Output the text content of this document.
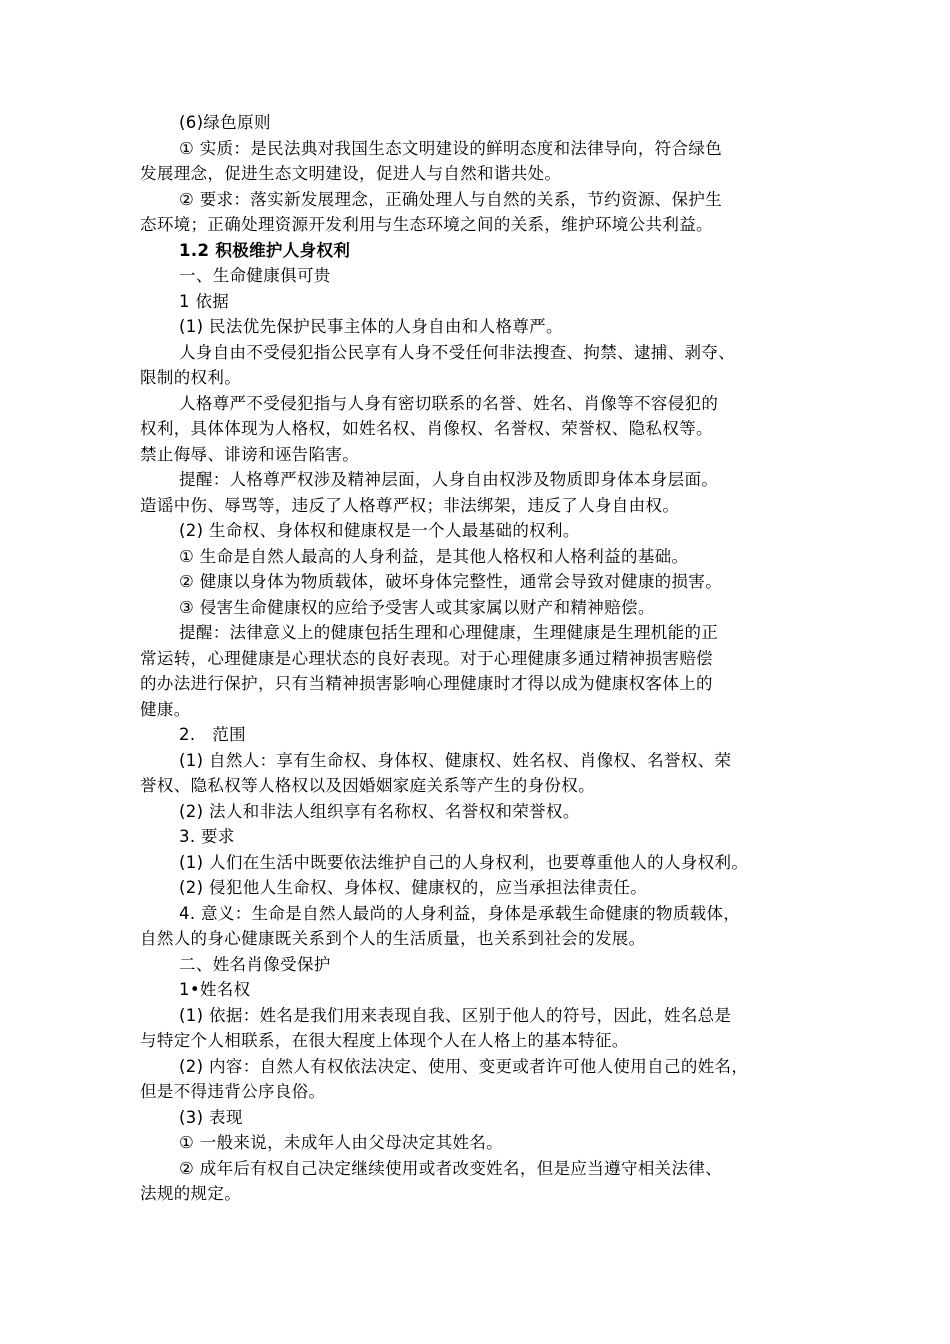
(6)绿色原则
① 实质：是民法典对我国生态文明建设的鲜明态度和法律导向，符合绿色
发展理念，促进生态文明建设，促进人与自然和谐共处。
② 要求：落实新发展理念，正确处理人与自然的关系，节约资源、保护生
态环境；正确处理资源开发利用与生态环境之间的关系，维护环境公共利益。
1.2 积极维护人身权利
一、生命健康俱可贵
1 依据
(1) 民法优先保护民事主体的人身自由和人格尊严。
人身自由不受侵犯指公民享有人身不受任何非法搜查、拘禁、逮捕、剥夺、
限制的权利。
人格尊严不受侵犯指与人身有密切联系的名誉、姓名、肖像等不容侵犯的
权利，具体体现为人格权，如姓名权、肖像权、名誉权、荣誉权、隐私权等。
禁止侮辱、诽谤和诬告陷害。
提醒：人格尊严权涉及精神层面，人身自由权涉及物质即身体本身层面。
造谣中伤、辱骂等，违反了人格尊严权；非法绑架，违反了人身自由权。
(2) 生命权、身体权和健康权是一个人最基础的权利。
① 生命是自然人最高的人身利益，是其他人格权和人格利益的基础。
② 健康以身体为物质载体，破坏身体完整性，通常会导致对健康的损害。
③ 侵害生命健康权的应给予受害人或其家属以财产和精神赔偿。
提醒：法律意义上的健康包括生理和心理健康，生理健康是生理机能的正
常运转，心理健康是心理状态的良好表现。对于心理健康多通过精神损害赔偿
的办法进行保护，只有当精神损害影响心理健康时才得以成为健康权客体上的
健康。
2.　范围
(1) 自然人：享有生命权、身体权、健康权、姓名权、肖像权、名誉权、荣
誉权、隐私权等人格权以及因婚姻家庭关系等产生的身份权。
(2) 法人和非法人组织享有名称权、名誉权和荣誉权。
3. 要求
(1) 人们在生活中既要依法维护自己的人身权利，也要尊重他人的人身权利。
(2) 侵犯他人生命权、身体权、健康权的，应当承担法律责任。
4. 意义：生命是自然人最尚的人身利益，身体是承载生命健康的物质载体，
自然人的身心健康既关系到个人的生活质量，也关系到社会的发展。
二、姓名肖像受保护
1•姓名权
(1) 依据：姓名是我们用来表现自我、区别于他人的符号，因此，姓名总是
与特定个人相联系，在很大程度上体现个人在人格上的基本特征。
(2) 内容：自然人有权依法决定、使用、变更或者许可他人使用自己的姓名，
但是不得违背公序良俗。
(3) 表现
① 一般来说，未成年人由父母决定其姓名。
② 成年后有权自己决定继续使用或者改变姓名，但是应当遵守相关法律、
法规的规定。
